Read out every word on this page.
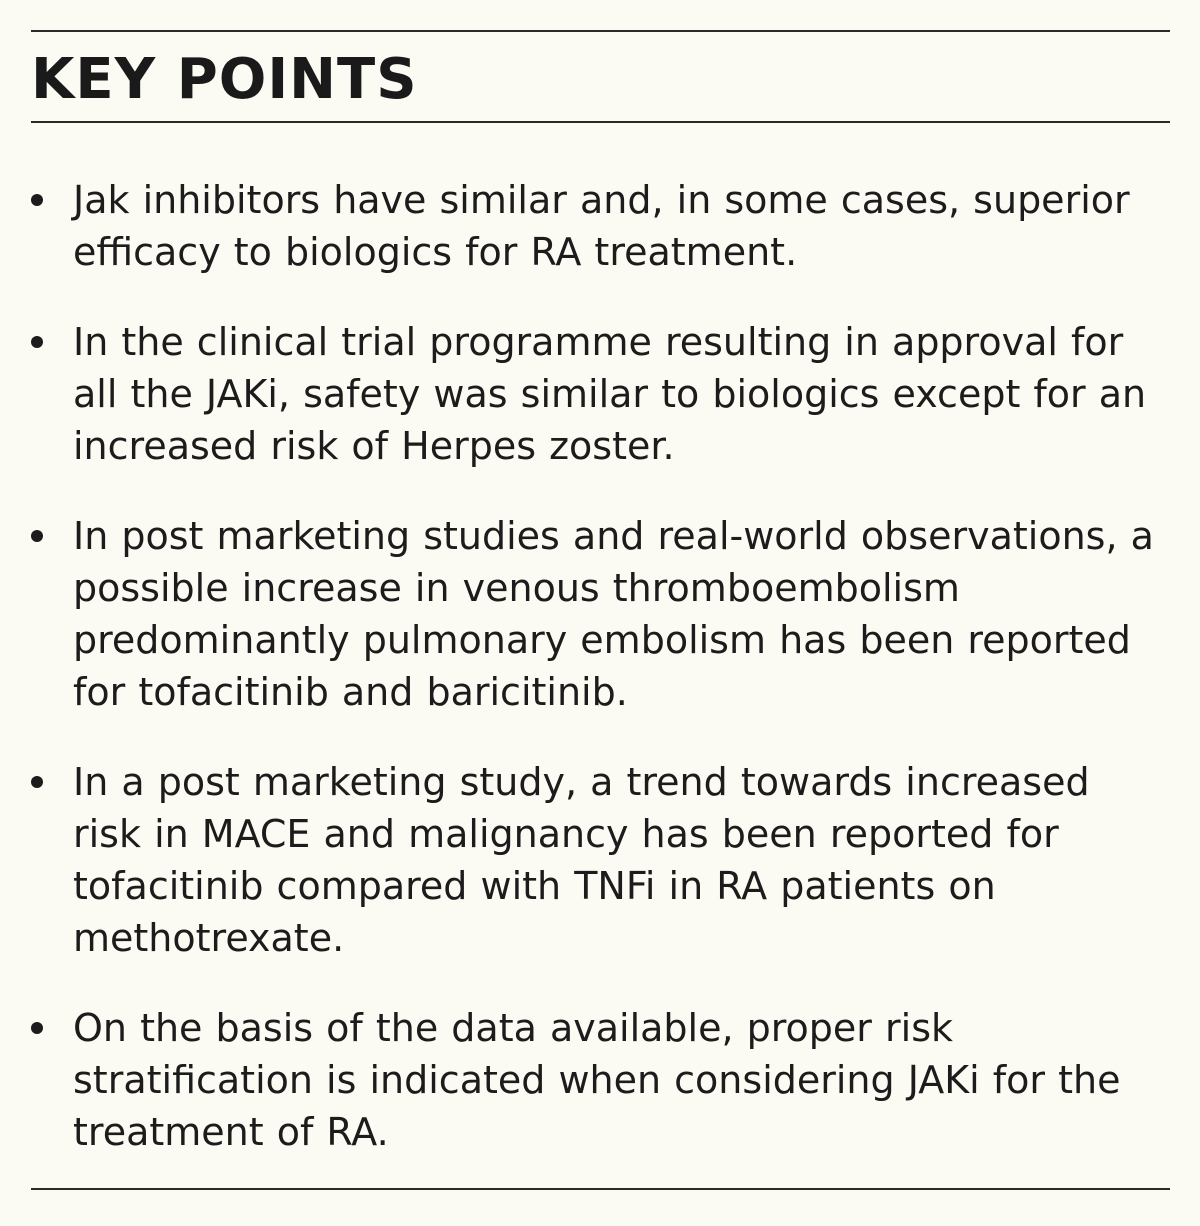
KEY POINTS
Jak inhibitors have similar and, in some cases, superior efficacy to biologics for RA treatment.
In the clinical trial programme resulting in approval for all the JAKi, safety was similar to biologics except for an increased risk of Herpes zoster.
In post marketing studies and real-world observations, a possible increase in venous thromboembolism predominantly pulmonary embolism has been reported for tofacitinib and baricitinib.
In a post marketing study, a trend towards increased risk in MACE and malignancy has been reported for tofacitinib compared with TNFi in RA patients on methotrexate.
On the basis of the data available, proper risk stratification is indicated when considering JAKi for the treatment of RA.
